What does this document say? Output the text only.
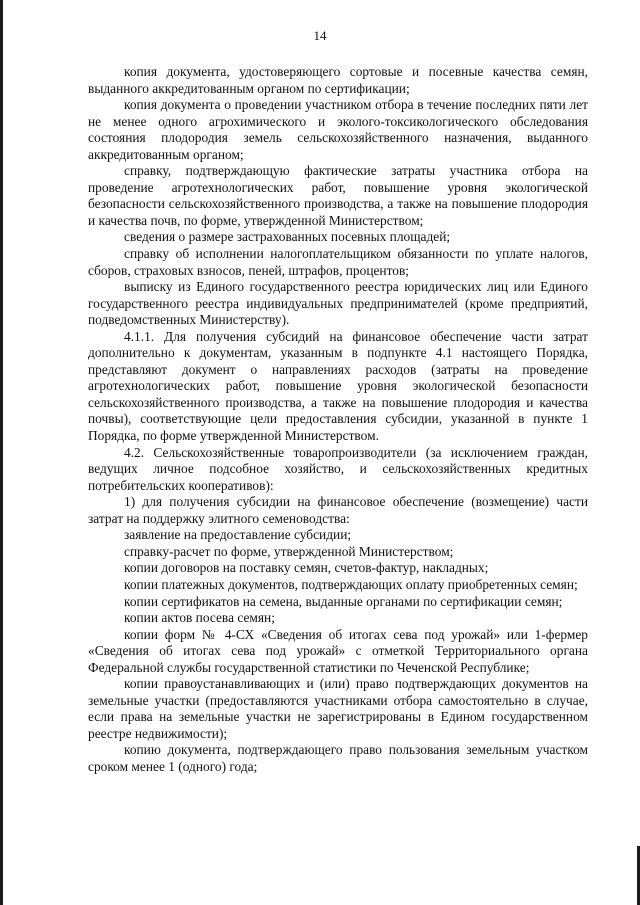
14

копия документа, удостоверяющего сортовые и посевные качества семян, выданного аккредитованным органом по сертификации;

копия документа о проведении участником отбора в течение последних пяти лет не менее одного агрохимического и эколого-токсикологического обследования состояния плодородия земель сельскохозяйственного назначения, выданного аккредитованным органом;

справку, подтверждающую фактические затраты участника отбора на проведение агротехнологических работ, повышение уровня экологической безопасности сельскохозяйственного производства, а также на повышение плодородия и качества почв, по форме, утвержденной Министерством;

сведения о размере застрахованных посевных площадей;

справку об исполнении налогоплательщиком обязанности по уплате налогов, сборов, страховых взносов, пеней, штрафов, процентов;

выписку из Единого государственного реестра юридических лиц или Единого государственного реестра индивидуальных предпринимателей (кроме предприятий, подведомственных Министерству).

4.1.1. Для получения субсидий на финансовое обеспечение части затрат дополнительно к документам, указанным в подпункте 4.1 настоящего Порядка, представляют документ о направлениях расходов (затраты на проведение агротехнологических работ, повышение уровня экологической безопасности сельскохозяйственного производства, а также на повышение плодородия и качества почвы), соответствующие цели предоставления субсидии, указанной в пункте 1 Порядка, по форме утвержденной Министерством.

4.2. Сельскохозяйственные товаропроизводители (за исключением граждан, ведущих личное подсобное хозяйство, и сельскохозяйственных кредитных потребительских кооперативов):

1) для получения субсидии на финансовое обеспечение (возмещение) части затрат на поддержку элитного семеноводства:

заявление на предоставление субсидии;

справку-расчет по форме, утвержденной Министерством;

копии договоров на поставку семян, счетов-фактур, накладных;

копии платежных документов, подтверждающих оплату приобретенных семян;

копии сертификатов на семена, выданные органами по сертификации семян;

копии актов посева семян;

копии форм № 4-СХ «Сведения об итогах сева под урожай» или 1-фермер «Сведения об итогах сева под урожай» с отметкой Территориального органа Федеральной службы государственной статистики по Чеченской Республике;

копии правоустанавливающих и (или) право подтверждающих документов на земельные участки (предоставляются участниками отбора самостоятельно в случае, если права на земельные участки не зарегистрированы в Едином государственном реестре недвижимости);

копию документа, подтверждающего право пользования земельным участком сроком менее 1 (одного) года;
